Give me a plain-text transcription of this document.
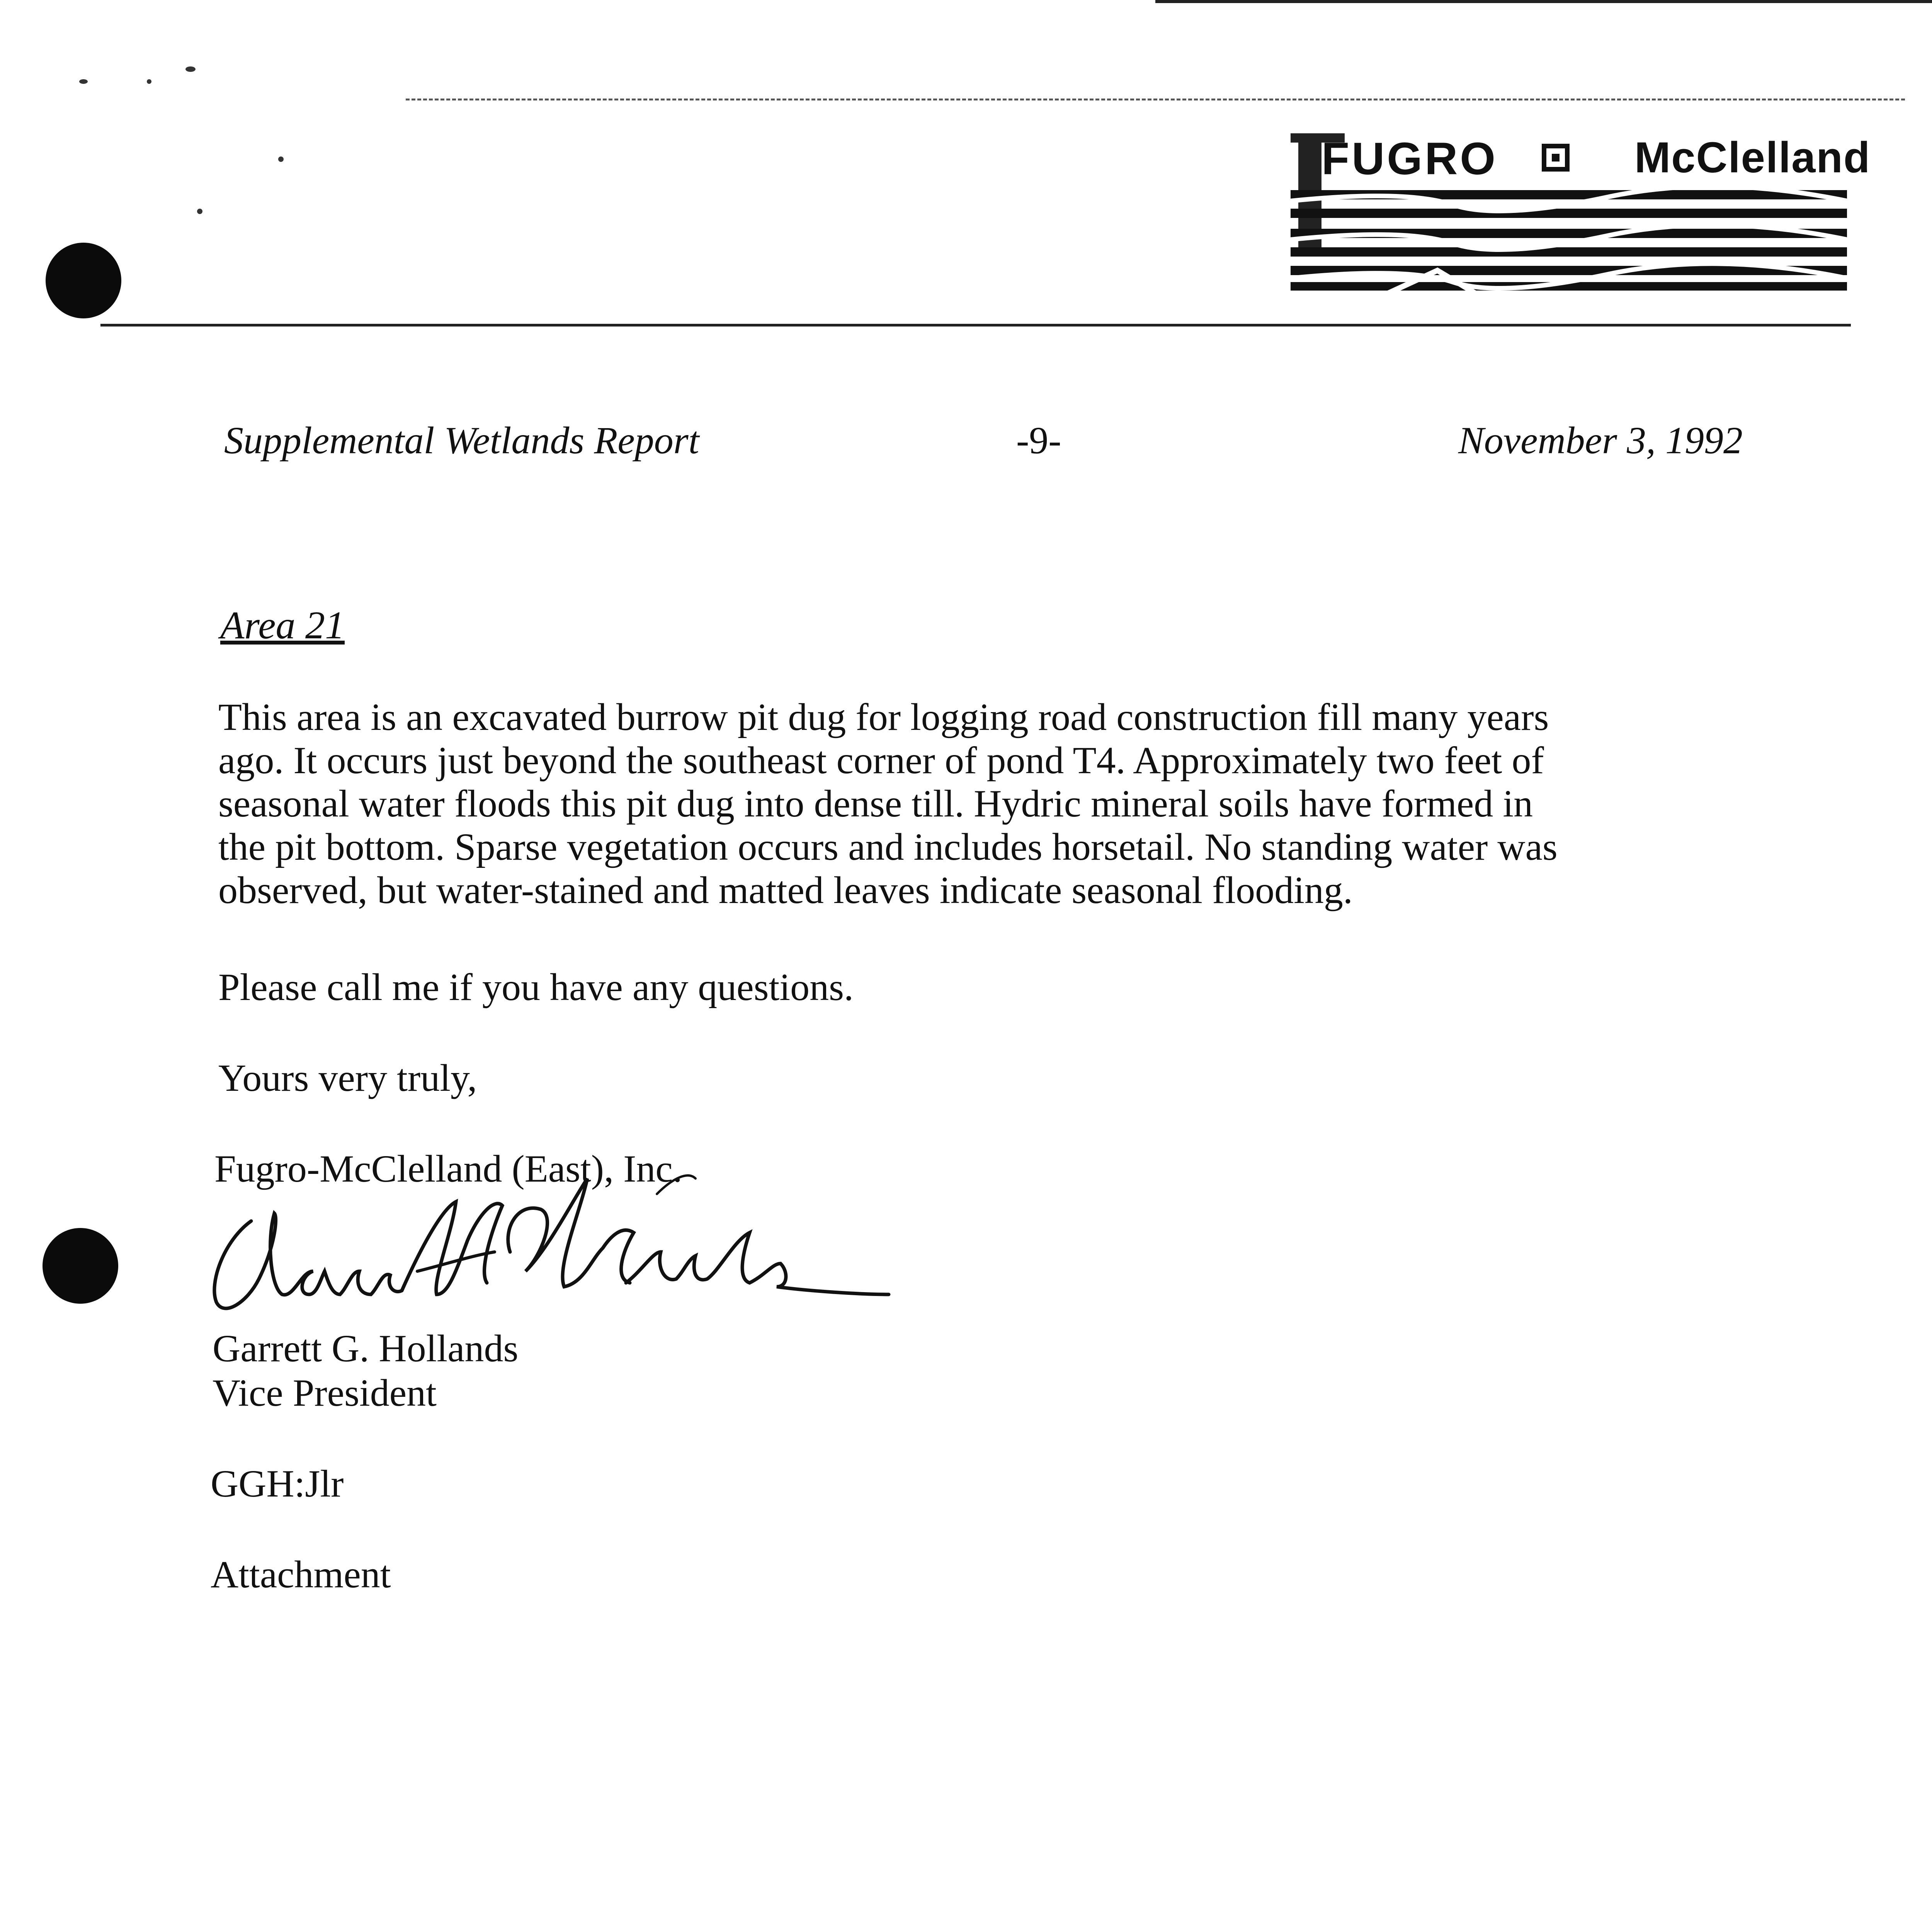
FUGRO	McClelland
Supplemental Wetlands Report	-9-	November 3, 1992
Area 21

This area is an excavated burrow pit dug for logging road construction fill many years
ago. It occurs just beyond the southeast corner of pond T4. Approximately two feet of
seasonal water floods this pit dug into dense till. Hydric mineral soils have formed in
the pit bottom. Sparse vegetation occurs and includes horsetail. No standing water was
observed, but water-stained and matted leaves indicate seasonal flooding.

Please call me if you have any questions.
Yours very truly,
Fugro-McClelland (East), Inc.
Garrett G. Hollands
Vice President
GGH:Jlr
Attachment
